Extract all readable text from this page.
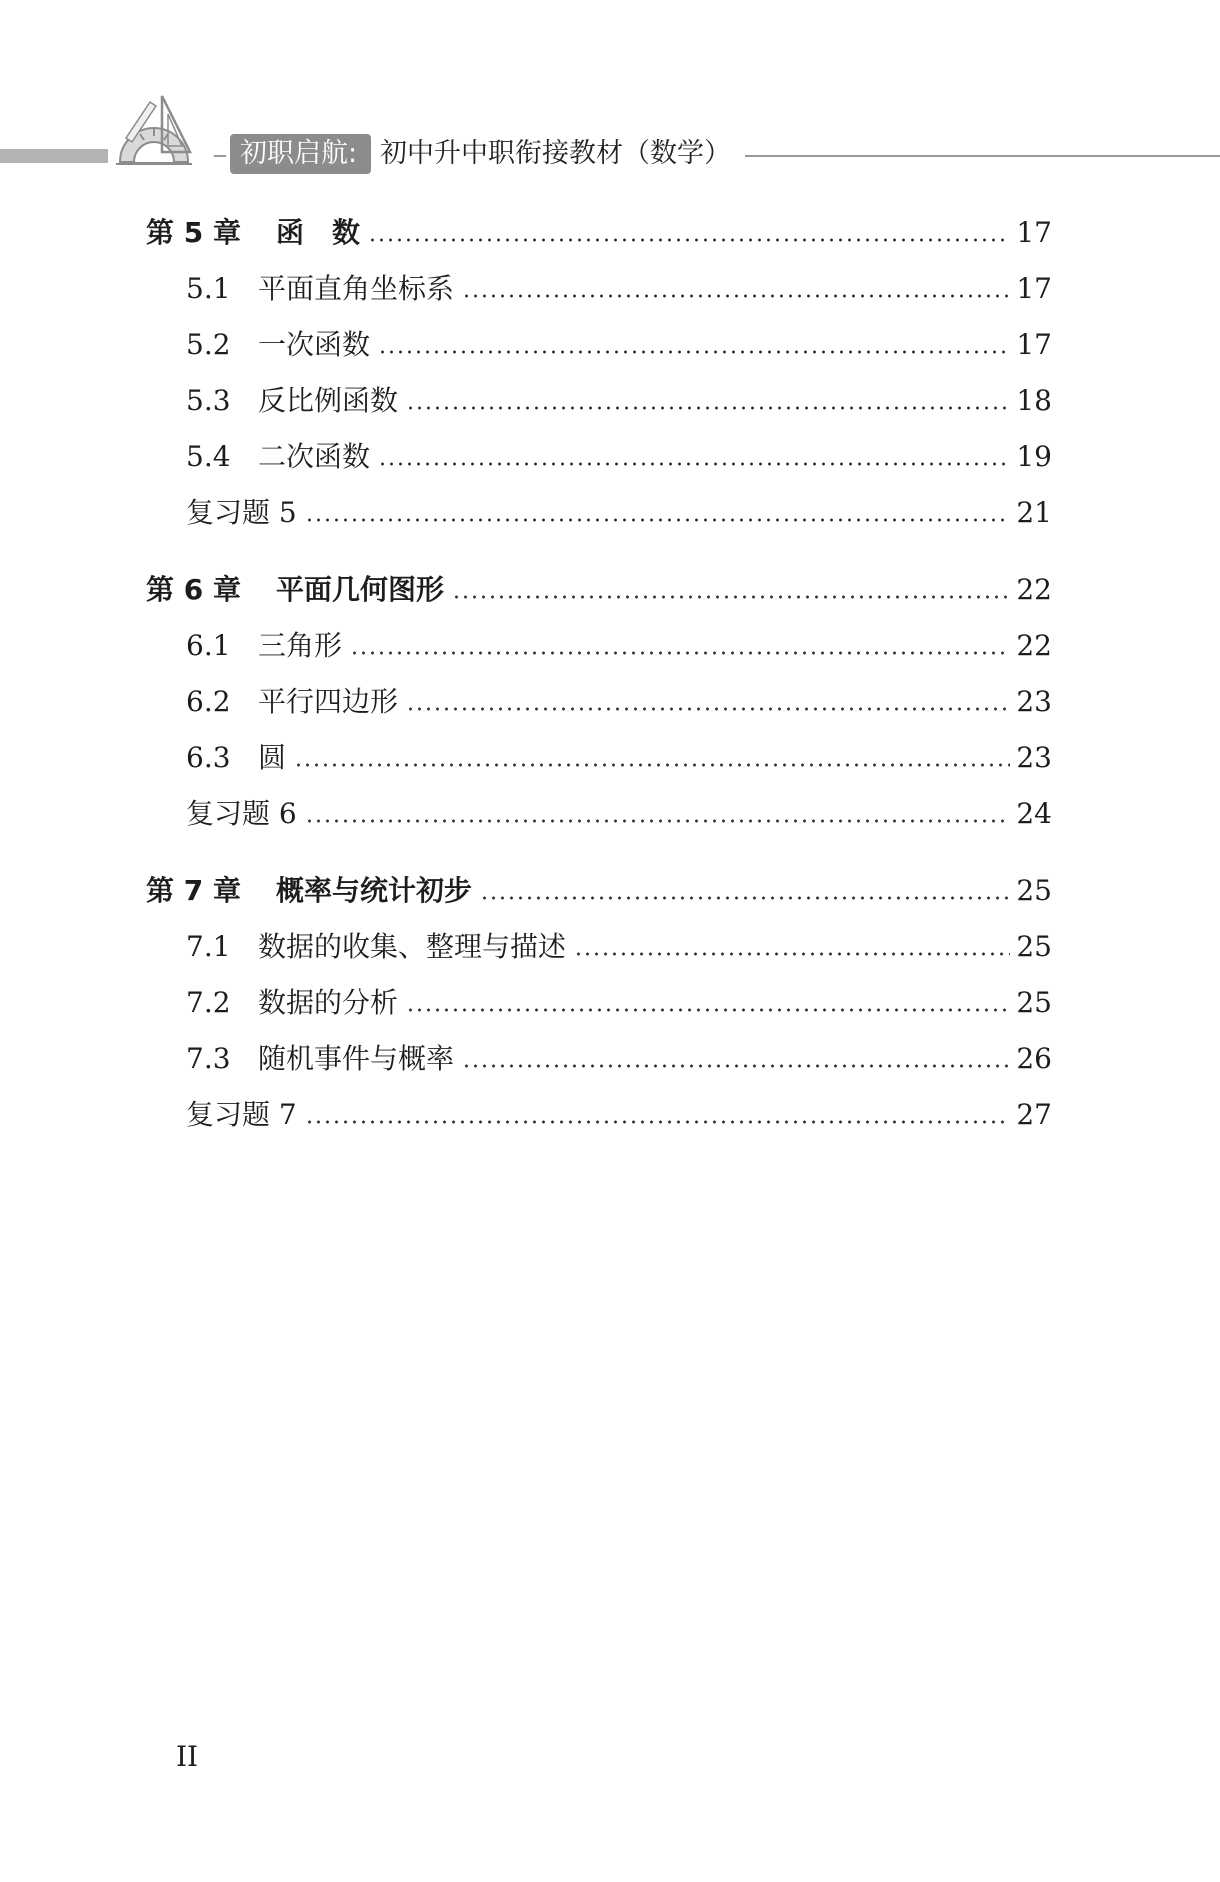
初职启航: 初中升中职衔接教材（数学）
第 5 章	函　数	17
5.1 平面直角坐标系	17
5.2 一次函数	17
5.3 反比例函数	18
5.4 二次函数	19
复习题 5	21
第 6 章	平面几何图形	22
6.1 三角形	22
6.2 平行四边形	23
6.3 圆	23
复习题 6	24
第 7 章	概率与统计初步	25
7.1 数据的收集、整理与描述	25
7.2 数据的分析	25
7.3 随机事件与概率	26
复习题 7	27
II
